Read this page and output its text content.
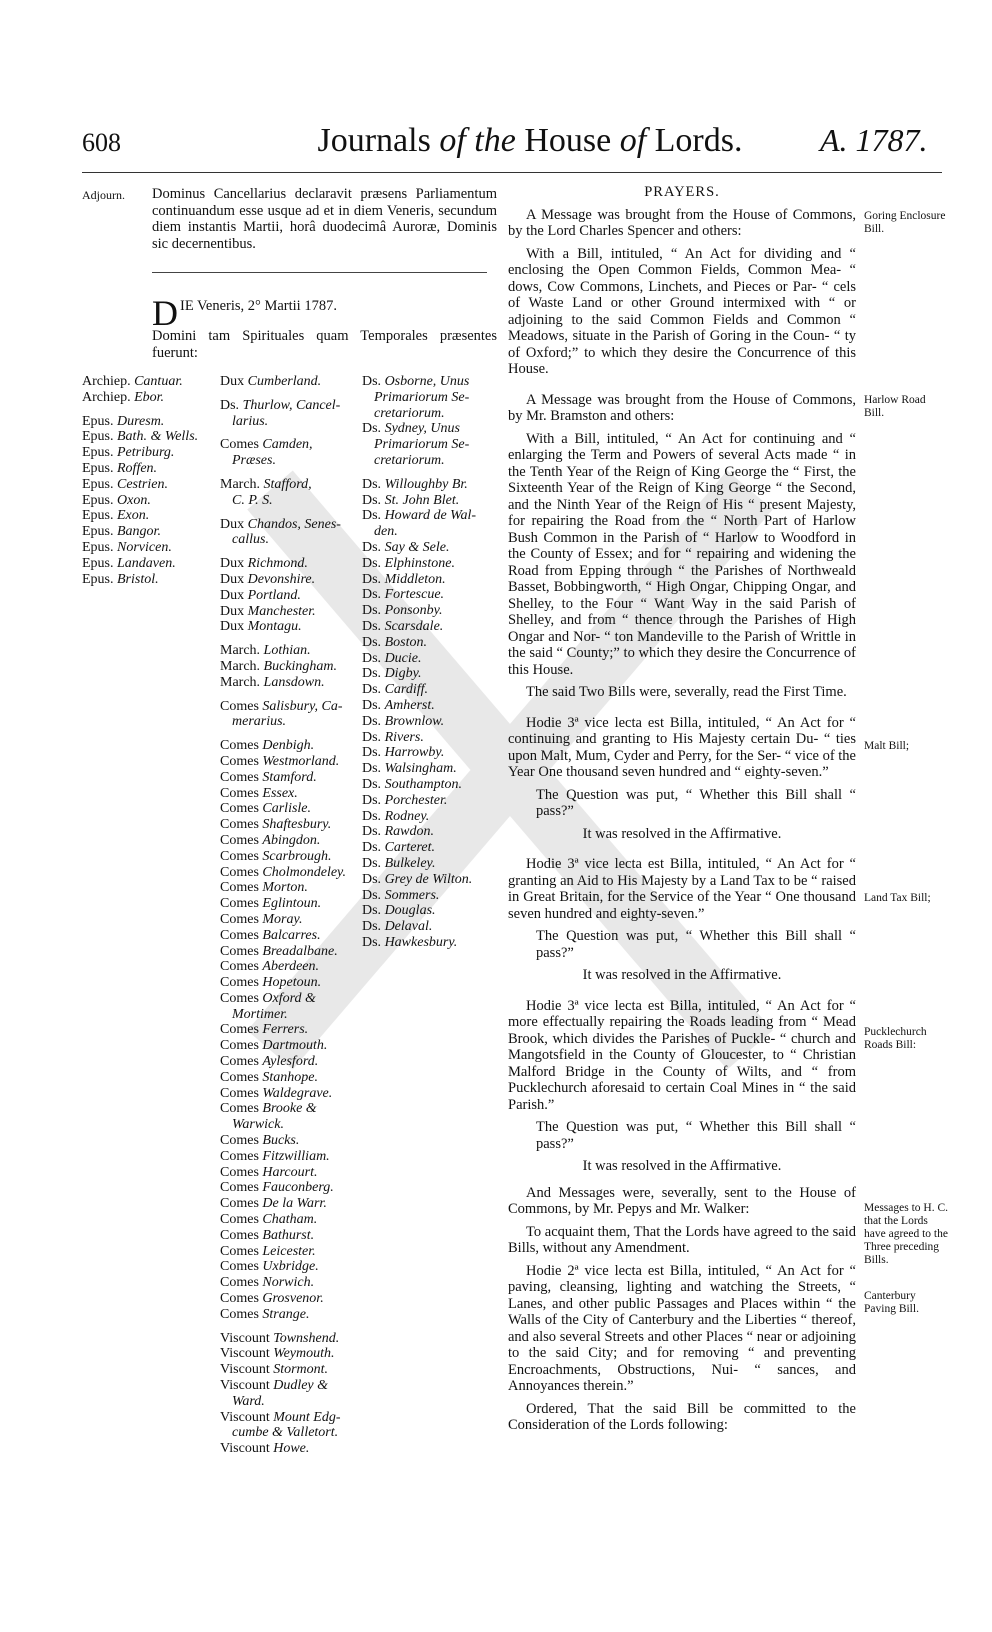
608	Journals of the House of Lords.	A. 1787.
Adjourn. Dominus Cancellarius declaravit præsens Parliamentum continuandum esse usque ad et in diem Veneris, secundum diem instantis Martii, horâ duodecimâ Auroræ, Dominis sic decernentibus.
D IE Veneris, 2° Martii 1787.
Domini tam Spirituales quam Temporales præsentes fuerunt:
Archiep. Cantuar.
Archiep. Ebor.
Epus. Duresm.
Epus. Bath. & Wells.
Epus. Petriburg.
Epus. Roffen.
Epus. Cestrien.
Epus. Oxon.
Epus. Exon.
Epus. Bangor.
Epus. Norvicen.
Epus. Landaven.
Epus. Bristol.
Dux Cumberland.
Ds. Thurlow, Cancel-
larius.
Comes Camden,
Præses.
March. Stafford,
C. P. S.
Dux Chandos, Senes-
callus.
Dux Richmond.
Dux Devonshire.
Dux Portland.
Dux Manchester.
Dux Montagu.
March. Lothian.
March. Buckingham.
March. Lansdown.
Comes Salisbury, Ca-
merarius.
Comes Denbigh.
Comes Westmorland.
Comes Stamford.
Comes Essex.
Comes Carlisle.
Comes Shaftesbury.
Comes Abingdon.
Comes Scarbrough.
Comes Cholmondeley.
Comes Morton.
Comes Eglintoun.
Comes Moray.
Comes Balcarres.
Comes Breadalbane.
Comes Aberdeen.
Comes Hopetoun.
Comes Oxford &
Mortimer.
Comes Ferrers.
Comes Dartmouth.
Comes Aylesford.
Comes Stanhope.
Comes Waldegrave.
Comes Brooke &
Warwick.
Comes Bucks.
Comes Fitzwilliam.
Comes Harcourt.
Comes Fauconberg.
Comes De la Warr.
Comes Chatham.
Comes Bathurst.
Comes Leicester.
Comes Uxbridge.
Comes Norwich.
Comes Grosvenor.
Comes Strange.
Viscount Townshend.
Viscount Weymouth.
Viscount Stormont.
Viscount Dudley &
Ward.
Viscount Mount Edg-
cumbe & Valletort.
Viscount Howe.
Ds. Osborne, Unus
Primariorum Se-
cretariorum.
Ds. Sydney, Unus
Primariorum Se-
cretariorum.
Ds. Willoughby Br.
Ds. St. John Blet.
Ds. Howard de Wal-
den.
Ds. Say & Sele.
Ds. Elphinstone.
Ds. Middleton.
Ds. Fortescue.
Ds. Ponsonby.
Ds. Scarsdale.
Ds. Boston.
Ds. Ducie.
Ds. Digby.
Ds. Cardiff.
Ds. Amherst.
Ds. Brownlow.
Ds. Rivers.
Ds. Harrowby.
Ds. Walsingham.
Ds. Southampton.
Ds. Porchester.
Ds. Rodney.
Ds. Rawdon.
Ds. Carteret.
Ds. Bulkeley.
Ds. Grey de Wilton.
Ds. Sommers.
Ds. Douglas.
Ds. Delaval.
Ds. Hawkesbury.

PRAYERS.

A Message was brought from the House of Commons, by the Lord Charles Spencer and others:

With a Bill, intituled, “ An Act for dividing and “ enclosing the Open Common Fields, Common Mea- “ dows, Cow Commons, Linchets, and Pieces or Par- “ cels of Waste Land or other Ground intermixed with “ or adjoining to the said Common Fields and Common “ Meadows, situate in the Parish of Goring in the Coun- “ ty of Oxford;” to which they desire the Concurrence of this House.

A Message was brought from the House of Commons, by Mr. Bramston and others:

With a Bill, intituled, “ An Act for continuing and “ enlarging the Term and Powers of several Acts made “ in the Tenth Year of the Reign of King George the “ First, the Sixteenth Year of the Reign of King George “ the Second, and the Ninth Year of the Reign of His “ present Majesty, for repairing the Road from the “ North Part of Harlow Bush Common in the Parish of “ Harlow to Woodford in the County of Essex; and for “ repairing and widening the Road from Epping through “ the Parishes of Northweald Basset, Bobbingworth, “ High Ongar, Chipping Ongar, and Shelley, to the Four “ Want Way in the said Parish of Shelley, and from “ thence through the Parishes of High Ongar and Nor- “ ton Mandeville to the Parish of Writtle in the said “ County;” to which they desire the Concurrence of this House.

The said Two Bills were, severally, read the First Time.

Hodie 3ª vice lecta est Billa, intituled, “ An Act for “ continuing and granting to His Majesty certain Du- “ ties upon Malt, Mum, Cyder and Perry, for the Ser- “ vice of the Year One thousand seven hundred and “ eighty-seven.”

The Question was put, “ Whether this Bill shall “ pass?”

It was resolved in the Affirmative.

Hodie 3ª vice lecta est Billa, intituled, “ An Act for “ granting an Aid to His Majesty by a Land Tax to be “ raised in Great Britain, for the Service of the Year “ One thousand seven hundred and eighty-seven.”

The Question was put, “ Whether this Bill shall “ pass?”

It was resolved in the Affirmative.

Hodie 3ª vice lecta est Billa, intituled, “ An Act for “ more effectually repairing the Roads leading from “ Mead Brook, which divides the Parishes of Puckle- “ church and Mangotsfield in the County of Gloucester, to “ Christian Malford Bridge in the County of Wilts, and “ from Pucklechurch aforesaid to certain Coal Mines in “ the said Parish.”

The Question was put, “ Whether this Bill shall “ pass?”

It was resolved in the Affirmative.

And Messages were, severally, sent to the House of Commons, by Mr. Pepys and Mr. Walker:

To acquaint them, That the Lords have agreed to the said Bills, without any Amendment.

Hodie 2ª vice lecta est Billa, intituled, “ An Act for “ paving, cleansing, lighting and watching the Streets, “ Lanes, and other public Passages and Places within “ the Walls of the City of Canterbury and the Liberties “ thereof, and also several Streets and other Places “ near or adjoining to the said City; and for removing “ and preventing Encroachments, Obstructions, Nui- “ sances, and Annoyances therein.”

Ordered, That the said Bill be committed to the Consideration of the Lords following:

Goring Enclosure Bill.
Harlow Road Bill.
Malt Bill;
Land Tax Bill;
Pucklechurch Roads Bill:
Messages to H. C. that the Lords have agreed to the Three preceding Bills.
Canterbury Paving Bill.
